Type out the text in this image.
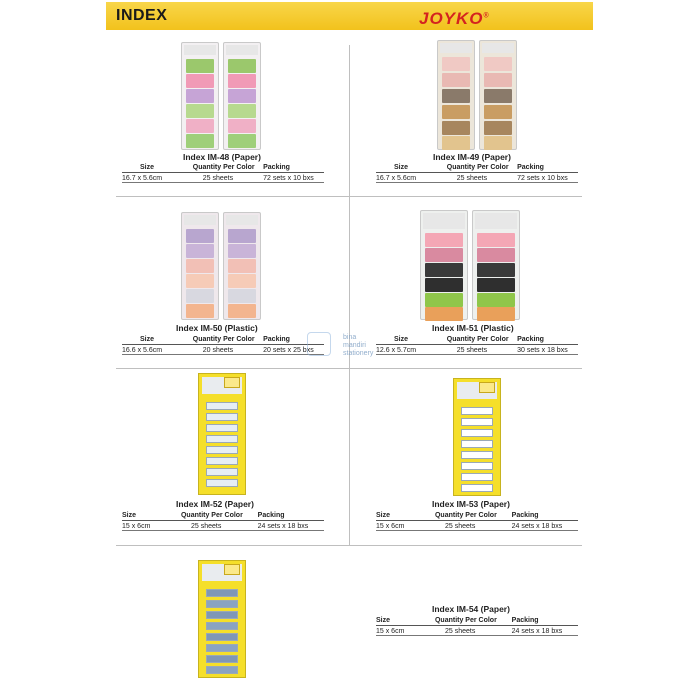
INDEX	JOYKO®
Index IM-48 (Paper)	Index IM-49 (Paper)
Index IM-50 (Plastic)	Index IM-51 (Plastic)
Index IM-52 (Paper)	Index IM-53 (Paper)
Index IM-54 (Paper)
Size	Quantity Per Color	Packing
16.7 x 5.6cm	25 sheets	72 sets x 10 bxs
Size	Quantity Per Color	Packing
16.7 x 5.6cm	25 sheets	72 sets x 10 bxs
Size	Quantity Per Color	Packing
16.6 x 5.6cm	20 sheets	20 sets x 25 bxs
Size	Quantity Per Color	Packing
12.6 x 5.7cm	25 sheets	30 sets x 18 bxs
Size	Quantity Per Color	Packing
15 x 6cm	25 sheets	24 sets x 18 bxs
Size	Quantity Per Color	Packing
15 x 6cm	25 sheets	24 sets x 18 bxs
Size	Quantity Per Color	Packing
15 x 6cm	25 sheets	24 sets x 18 bxs
bina
mandiri
stationery
